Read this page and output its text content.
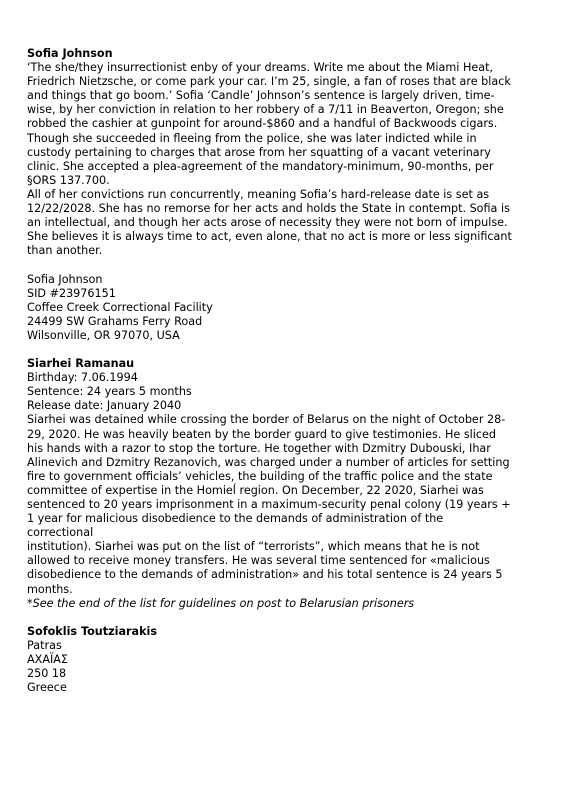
Sofia Johnson
‘The she/they insurrectionist enby of your dreams. Write me about the Miami Heat, Friedrich Nietzsche, or come park your car. I’m 25, single, a fan of roses that are black and things that go boom.’ Sofia ‘Candle’ Johnson’s sentence is largely driven, time-wise, by her conviction in relation to her robbery of a 7/11 in Beaverton, Oregon; she robbed the cashier at gunpoint for around-$860 and a handful of Backwoods cigars. Though she succeeded in fleeing from the police, she was later indicted while in custody pertaining to charges that arose from her squatting of a vacant veterinary clinic. She accepted a plea-agreement of the mandatory-minimum, 90-months, per §ORS 137.700.
All of her convictions run concurrently, meaning Sofia’s hard-release date is set as 12/22/2028. She has no remorse for her acts and holds the State in contempt. Sofia is an intellectual, and though her acts arose of necessity they were not born of impulse. She believes it is always time to act, even alone, that no act is more or less significant than another.
Sofia Johnson
SID #23976151
Coffee Creek Correctional Facility
24499 SW Grahams Ferry Road
Wilsonville, OR 97070, USA
Siarhei Ramanau
Birthday: 7.06.1994
Sentence: 24 years 5 months
Release date: January 2040
Siarhei was detained while crossing the border of Belarus on the night of October 28-29, 2020. He was heavily beaten by the border guard to give testimonies. He sliced his hands with a razor to stop the torture. He together with Dzmitry Dubouski, Ihar Alinevich and Dzmitry Rezanovich, was charged under a number of articles for setting fire to government officials’ vehicles, the building of the traffic police and the state committee of expertise in the Homieĺ region. On December, 22 2020, Siarhei was sentenced to 20 years imprisonment in a maximum-security penal colony (19 years + 1 year for malicious disobedience to the demands of administration of the correctional
institution). Siarhei was put on the list of “terrorists”, which means that he is not allowed to receive money transfers. He was several time sentenced for «malicious disobedience to the demands of administration» and his total sentence is 24 years 5 months.
*See the end of the list for guidelines on post to Belarusian prisoners
Sofoklis Toutziarakis
Patras
ΑΧΑΪΑΣ
250 18
Greece
